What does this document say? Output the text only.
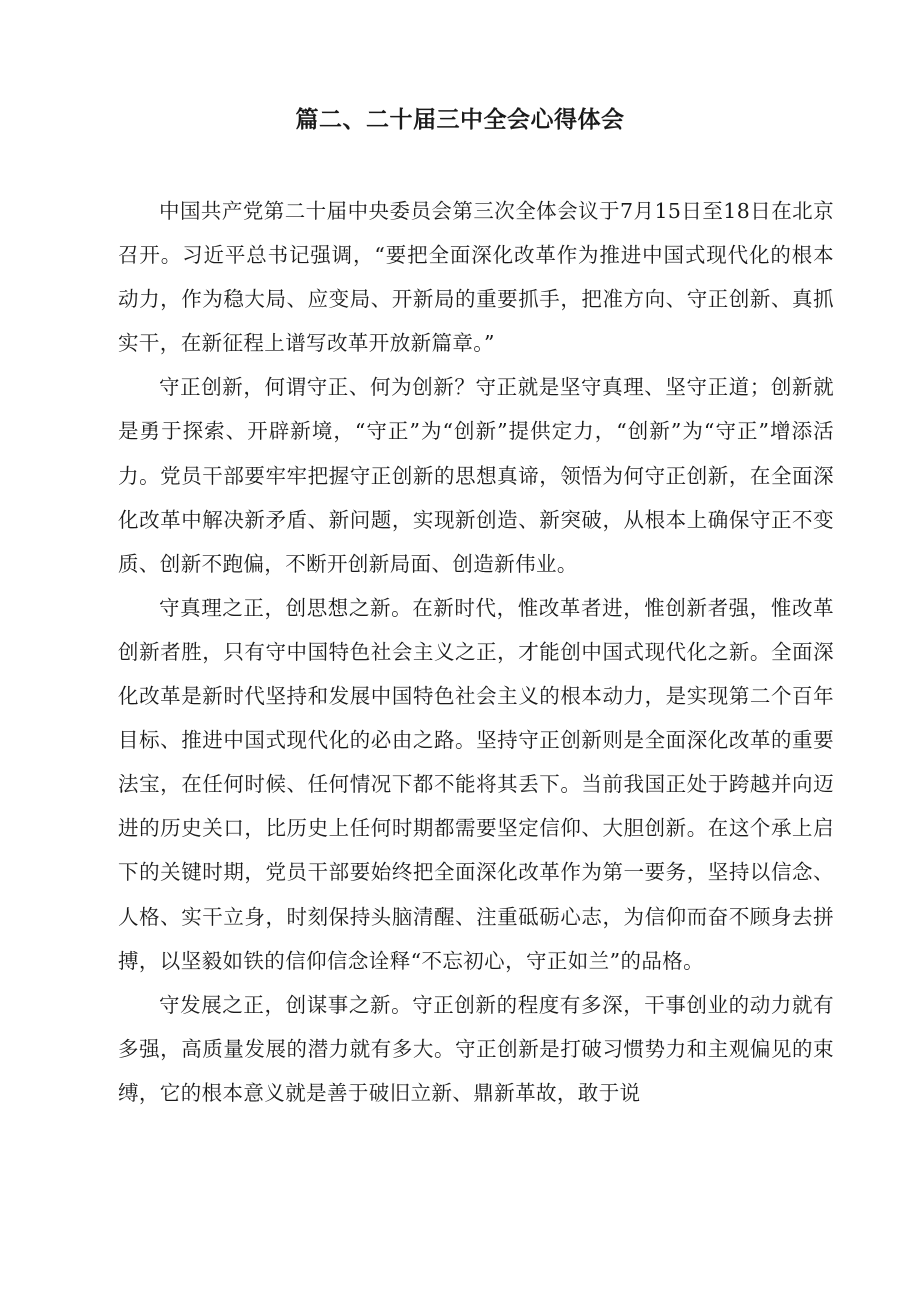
篇二、二十届三中全会心得体会

中国共产党第二十届中央委员会第三次全体会议于7月15日至18日在北京召开。习近平总书记强调，“要把全面深化改革作为推进中国式现代化的根本动力，作为稳大局、应变局、开新局的重要抓手，把准方向、守正创新、真抓实干，在新征程上谱写改革开放新篇章。”

守正创新，何谓守正、何为创新？守正就是坚守真理、坚守正道；创新就是勇于探索、开辟新境，“守正”为“创新”提供定力，“创新”为“守正”增添活力。党员干部要牢牢把握守正创新的思想真谛，领悟为何守正创新，在全面深化改革中解决新矛盾、新问题，实现新创造、新突破，从根本上确保守正不变质、创新不跑偏，不断开创新局面、创造新伟业。

守真理之正，创思想之新。在新时代，惟改革者进，惟创新者强，惟改革创新者胜，只有守中国特色社会主义之正，才能创中国式现代化之新。全面深化改革是新时代坚持和发展中国特色社会主义的根本动力，是实现第二个百年目标、推进中国式现代化的必由之路。坚持守正创新则是全面深化改革的重要法宝，在任何时候、任何情况下都不能将其丢下。当前我国正处于跨越并向迈进的历史关口，比历史上任何时期都需要坚定信仰、大胆创新。在这个承上启下的关键时期，党员干部要始终把全面深化改革作为第一要务，坚持以信念、人格、实干立身，时刻保持头脑清醒、注重砥砺心志，为信仰而奋不顾身去拼搏，以坚毅如铁的信仰信念诠释“不忘初心，守正如兰”的品格。

守发展之正，创谋事之新。守正创新的程度有多深，干事创业的动力就有多强，高质量发展的潜力就有多大。守正创新是打破习惯势力和主观偏见的束缚，它的根本意义就是善于破旧立新、鼎新革故，敢于说
